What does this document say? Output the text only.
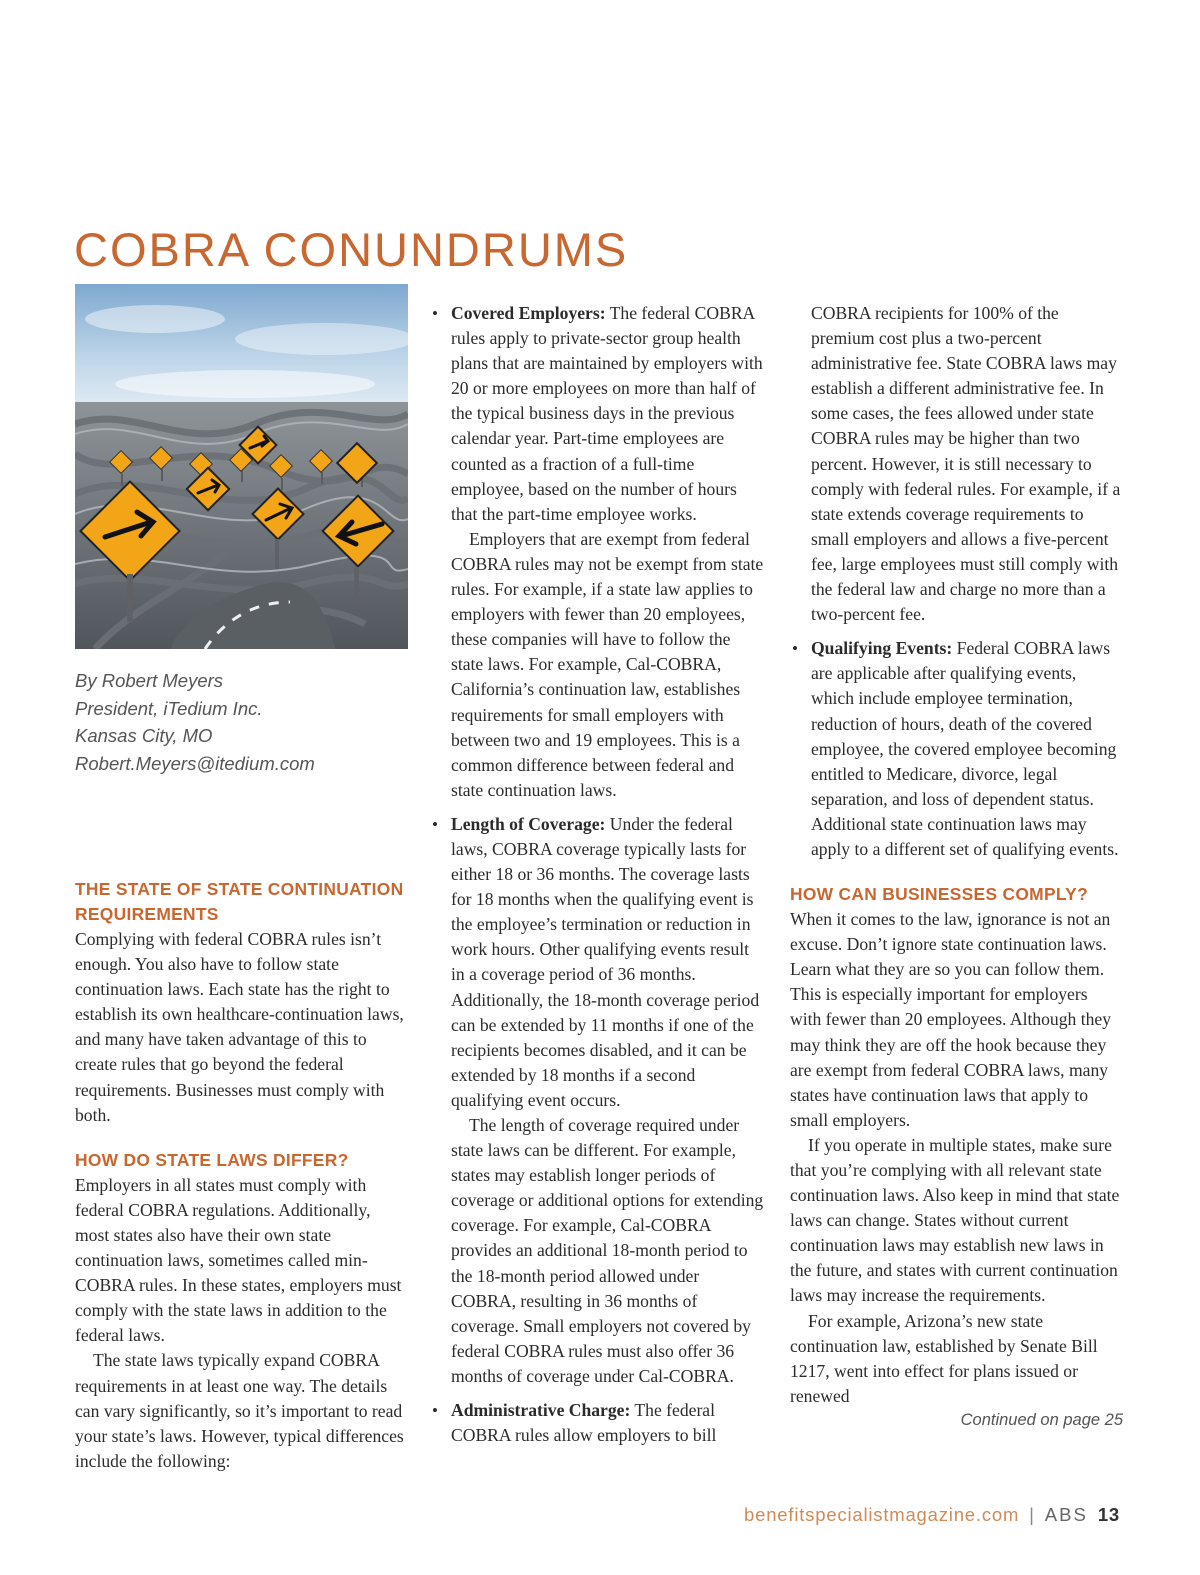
COBRA CONUNDRUMS
By Robert Meyers
President, iTedium Inc.
Kansas City, MO
Robert.Meyers@itedium.com
THE STATE OF STATE CONTINUATION REQUIREMENTS

Complying with federal COBRA rules isn’t enough. You also have to follow state continuation laws. Each state has the right to establish its own healthcare-continuation laws, and many have taken advantage of this to create rules that go beyond the federal requirements. Businesses must comply with both.

HOW DO STATE LAWS DIFFER?

Employers in all states must comply with federal COBRA regulations. Additionally, most states also have their own state continuation laws, sometimes called min-COBRA rules. In these states, employers must comply with the state laws in addition to the federal laws.

The state laws typically expand COBRA requirements in at least one way. The details can vary significantly, so it’s important to read your state’s laws. However, typical differences include the following:

• Covered Employers: The federal COBRA rules apply to private-sector group health plans that are maintained by employers with 20 or more employees on more than half of the typical business days in the previous calendar year. Part-time employees are counted as a fraction of a full-time employee, based on the number of hours that the part-time employee works.

Employers that are exempt from federal COBRA rules may not be exempt from state rules. For example, if a state law applies to employers with fewer than 20 employees, these companies will have to follow the state laws. For example, Cal-COBRA, California’s continuation law, establishes requirements for small employers with between two and 19 employees. This is a common difference between federal and state continuation laws.

• Length of Coverage: Under the federal laws, COBRA coverage typically lasts for either 18 or 36 months. The coverage lasts for 18 months when the qualifying event is the employee’s termination or reduction in work hours. Other qualifying events result in a coverage period of 36 months. Additionally, the 18-month coverage period can be extended by 11 months if one of the recipients becomes disabled, and it can be extended by 18 months if a second qualifying event occurs.

The length of coverage required under state laws can be different. For example, states may establish longer periods of coverage or additional options for extending coverage. For example, Cal-COBRA provides an additional 18-month period to the 18-month period allowed under COBRA, resulting in 36 months of coverage. Small employers not covered by federal COBRA rules must also offer 36 months of coverage under Cal-COBRA.

• Administrative Charge: The federal COBRA rules allow employers to bill

COBRA recipients for 100% of the premium cost plus a two-percent administrative fee. State COBRA laws may establish a different administrative fee. In some cases, the fees allowed under state COBRA rules may be higher than two percent. However, it is still necessary to comply with federal rules. For example, if a state extends coverage requirements to small employers and allows a five-percent fee, large employees must still comply with the federal law and charge no more than a two-percent fee.

• Qualifying Events: Federal COBRA laws are applicable after qualifying events, which include employee termination, reduction of hours, death of the covered employee, the covered employee becoming entitled to Medicare, divorce, legal separation, and loss of dependent status. Additional state continuation laws may apply to a different set of qualifying events.

HOW CAN BUSINESSES COMPLY?

When it comes to the law, ignorance is not an excuse. Don’t ignore state continuation laws. Learn what they are so you can follow them. This is especially important for employers with fewer than 20 employees. Although they may think they are off the hook because they are exempt from federal COBRA laws, many states have continuation laws that apply to small employers.

If you operate in multiple states, make sure that you’re complying with all relevant state continuation laws. Also keep in mind that state laws can change. States without current continuation laws may establish new laws in the future, and states with current continuation laws may increase the requirements.

For example, Arizona’s new state continuation law, established by Senate Bill 1217, went into effect for plans issued or renewed

Continued on page 25
benefitspecialistmagazine.com | ABS 13
